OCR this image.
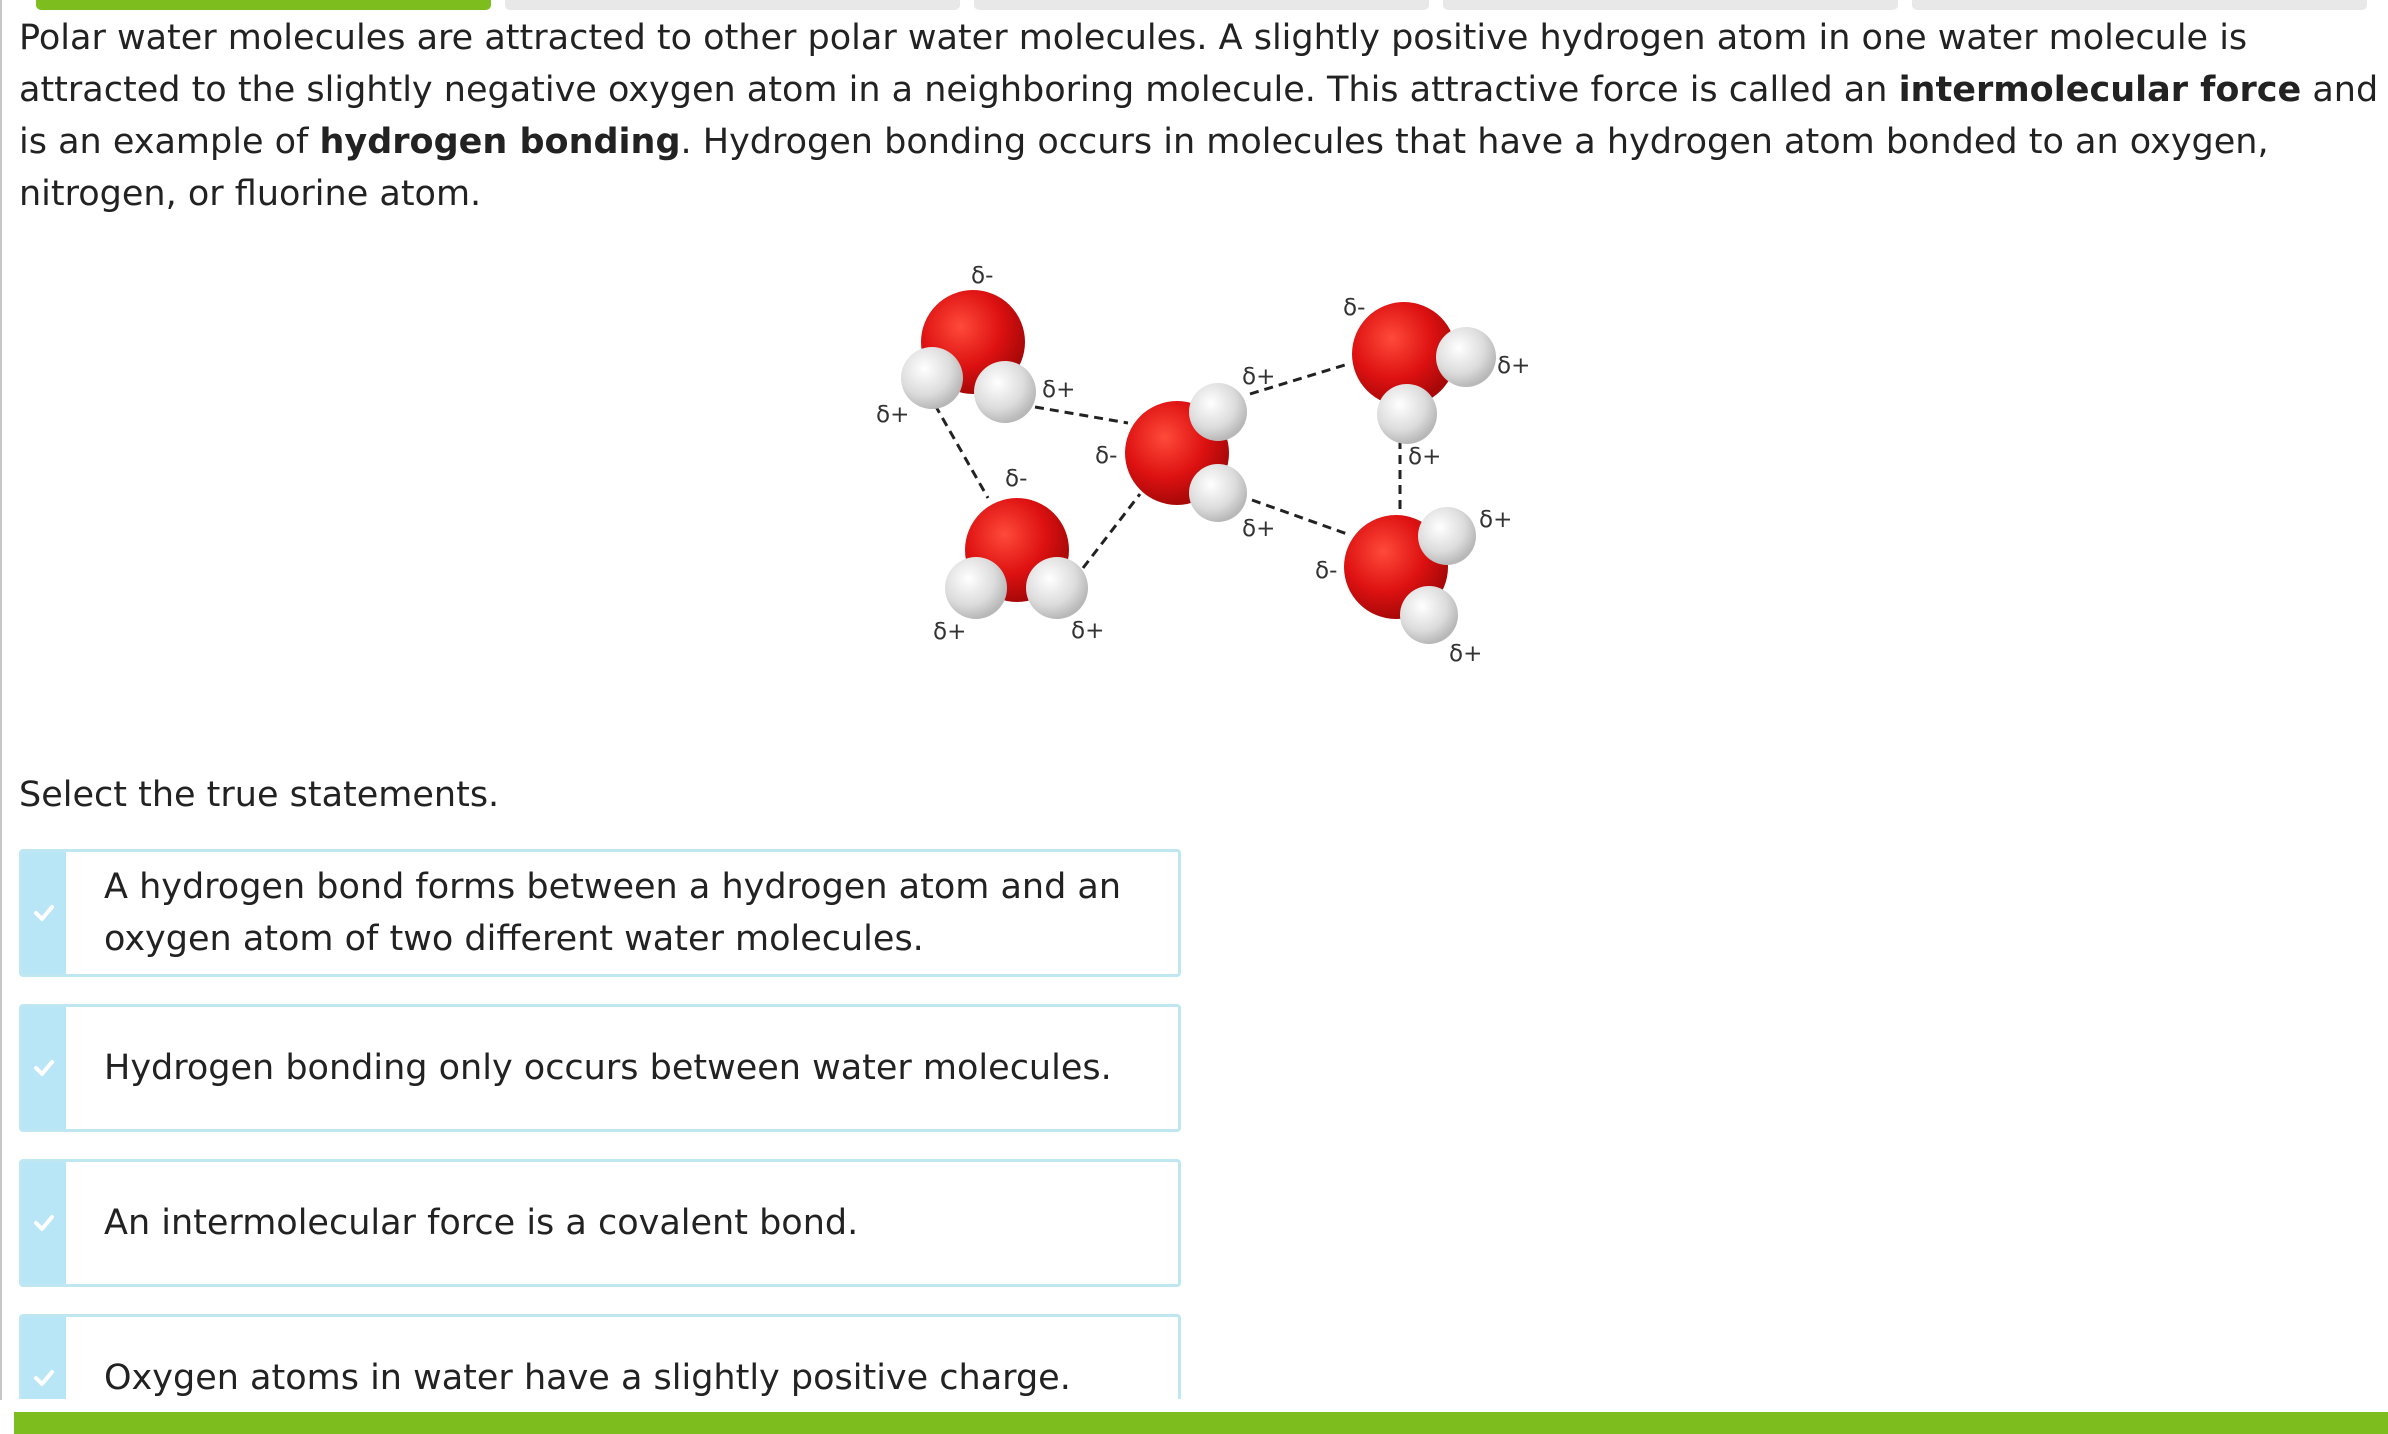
Polar water molecules are attracted to other polar water molecules. A slightly positive hydrogen atom in one water molecule is attracted to the slightly negative oxygen atom in a neighboring molecule. This attractive force is called an intermolecular force and is an example of hydrogen bonding. Hydrogen bonding occurs in molecules that have a hydrogen atom bonded to an oxygen, nitrogen, or fluorine atom.

δ-
δ+
δ+
δ-
δ-
δ+	δ+
δ+
δ+
δ-
δ+
δ+
δ-
δ+
δ+

Select the true statements.

A hydrogen bond forms between a hydrogen atom and an oxygen atom of two different water molecules.
Hydrogen bonding only occurs between water molecules.
An intermolecular force is a covalent bond.
Oxygen atoms in water have a slightly positive charge.
